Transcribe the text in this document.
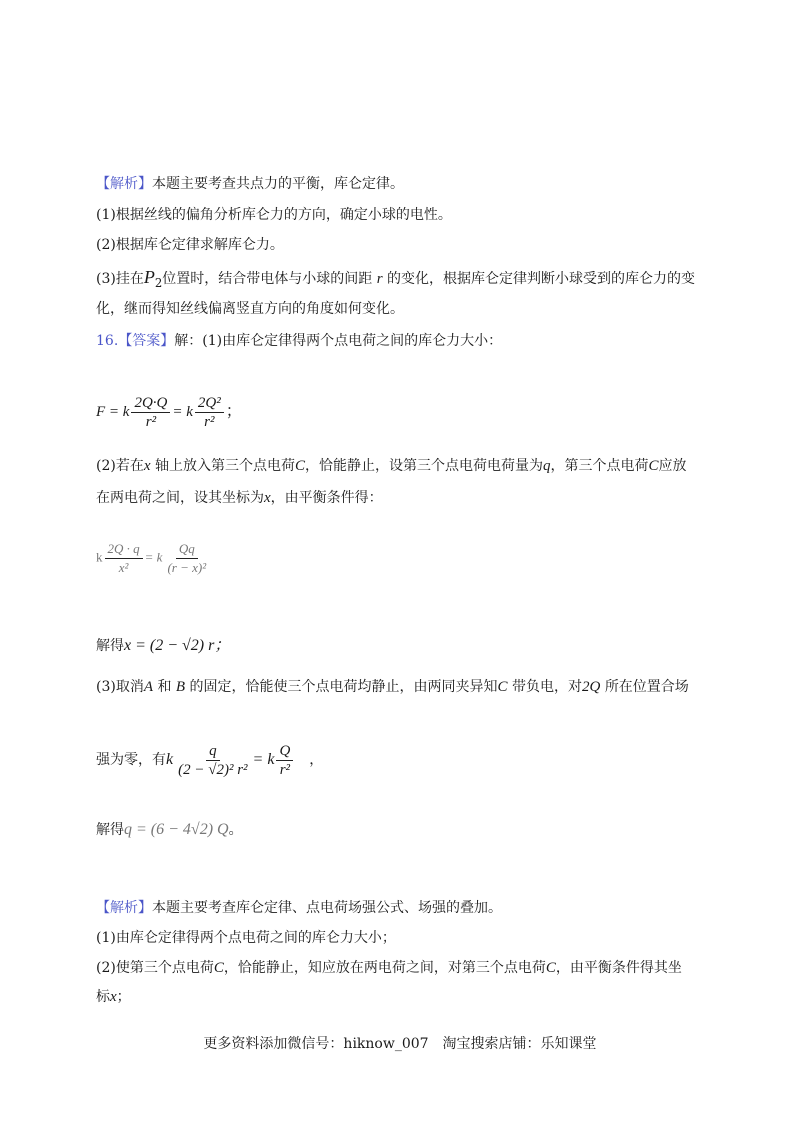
【解析】本题主要考查共点力的平衡，库仑定律。
(1)根据丝线的偏角分析库仑力的方向，确定小球的电性。
(2)根据库仑定律求解库仑力。
(3)挂在$P_2$位置时，结合带电体与小球的间距 r 的变化，根据库仑定律判断小球受到的库仑力的变
化，继而得知丝线偏离竖直方向的角度如何变化。
16.【答案】解：(1)由库仑定律得两个点电荷之间的库仑力大小：
F = k $\frac{2Q\cdot Q}{\text{r²}} = k \frac{\text{2Q²}}{\text{r²}}$ ；
(2)若在x 轴上放入第三个点电荷C，恰能静止，设第三个点电荷电荷量为q，第三个点电荷C应放
在两电荷之间，设其坐标为x，由平衡条件得：
k $\frac{2Q \cdot q}{\text{x²}} = k \frac{Qq}{\text{(r − x)²}}$
解得x = (2 − √2) r；
(3)取消A 和 B 的固定，恰能使三个点电荷均静止，由两同夹异知C 带负电，对2Q 所在位置合场
强为零，有k $\frac{q}{\text{(2 − √2)² r²}} = k \frac{Q}{\text{r²}}$ ，
解得q = (6 − 4√2) Q。
【解析】本题主要考查库仑定律、点电荷场强公式、场强的叠加。
(1)由库仑定律得两个点电荷之间的库仑力大小；
(2)使第三个点电荷C，恰能静止，知应放在两电荷之间，对第三个点电荷C，由平衡条件得其坐
标x；
更多资料添加微信号：hiknow_007　淘宝搜索店铺：乐知课堂
